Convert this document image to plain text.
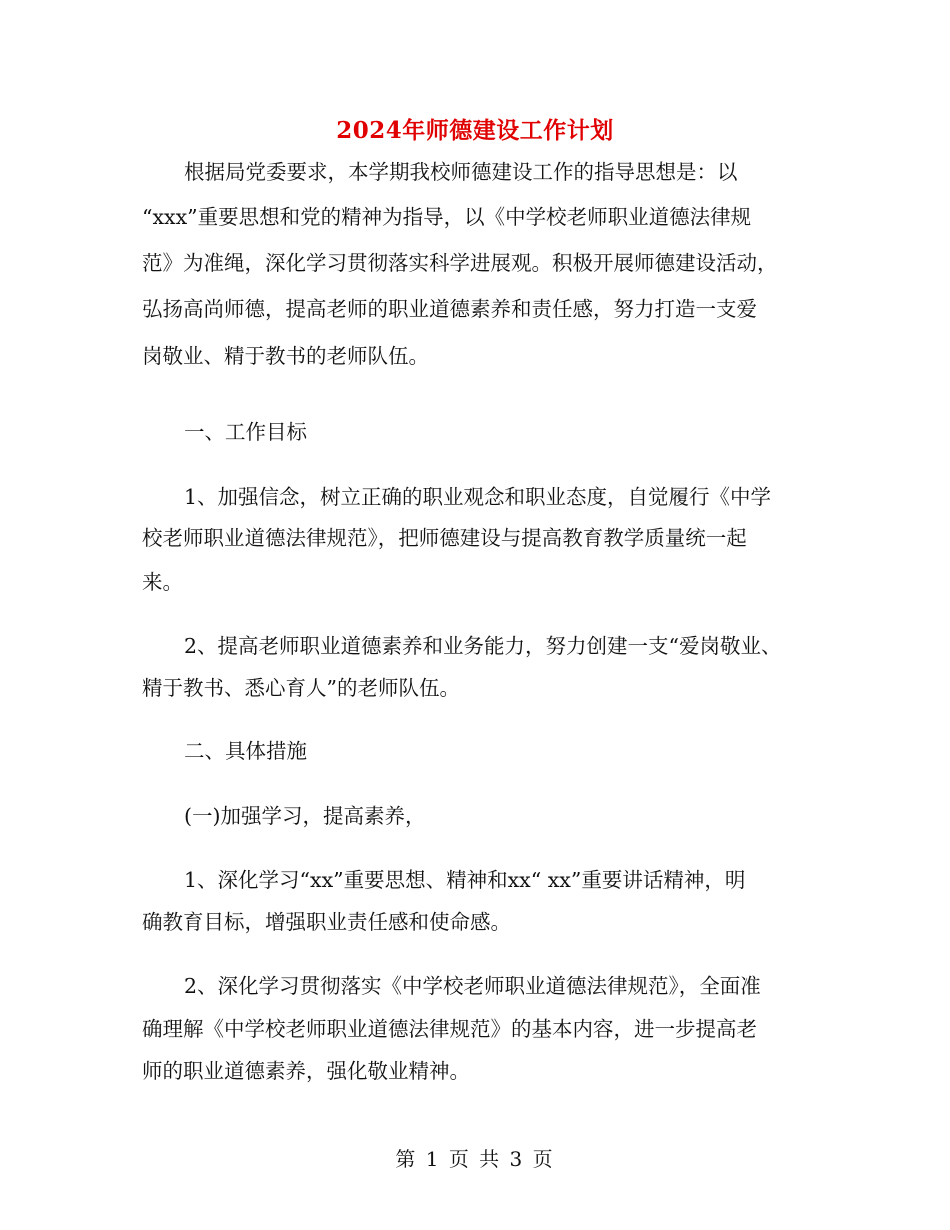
2024年师德建设工作计划

根据局党委要求，本学期我校师德建设工作的指导思想是：以

“xxx”重要思想和党的精神为指导，以《中学校老师职业道德法律规

范》为准绳，深化学习贯彻落实科学进展观。积极开展师德建设活动，

弘扬高尚师德，提高老师的职业道德素养和责任感，努力打造一支爱

岗敬业、精于教书的老师队伍。

一、工作目标

1、加强信念，树立正确的职业观念和职业态度，自觉履行《中学

校老师职业道德法律规范》，把师德建设与提高教育教学质量统一起

来。

2、提高老师职业道德素养和业务能力，努力创建一支“爱岗敬业、

精于教书、悉心育人”的老师队伍。

二、具体措施

(一)加强学习，提高素养，

1、深化学习“xx”重要思想、精神和xx“ xx”重要讲话精神，明

确教育目标，增强职业责任感和使命感。

2、深化学习贯彻落实《中学校老师职业道德法律规范》，全面准

确理解《中学校老师职业道德法律规范》的基本内容，进一步提高老

师的职业道德素养，强化敬业精神。

第 1 页 共 3 页
